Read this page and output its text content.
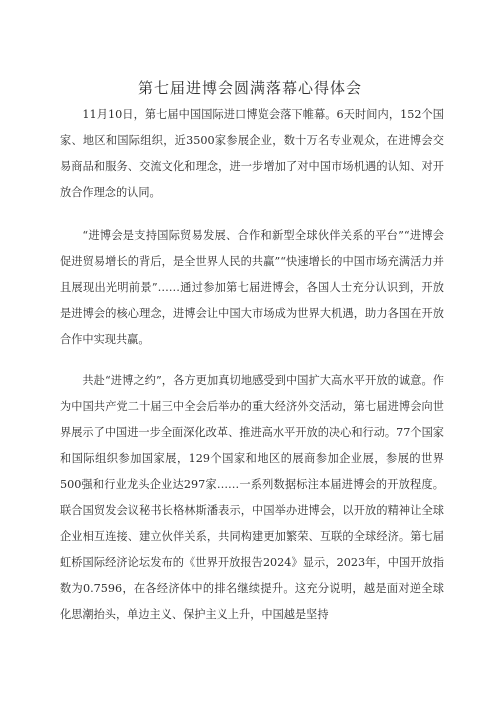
第七届进博会圆满落幕心得体会

11月10日，第七届中国国际进口博览会落下帷幕。6天时间内，152个国家、地区和国际组织，近3500家参展企业，数十万名专业观众，在进博会交易商品和服务、交流文化和理念，进一步增加了对中国市场机遇的认知、对开放合作理念的认同。

“进博会是支持国际贸易发展、合作和新型全球伙伴关系的平台”“进博会促进贸易增长的背后，是全世界人民的共赢”“快速增长的中国市场充满活力并且展现出光明前景”……通过参加第七届进博会，各国人士充分认识到，开放是进博会的核心理念，进博会让中国大市场成为世界大机遇，助力各国在开放合作中实现共赢。

共赴“进博之约”，各方更加真切地感受到中国扩大高水平开放的诚意。作为中国共产党二十届三中全会后举办的重大经济外交活动，第七届进博会向世界展示了中国进一步全面深化改革、推进高水平开放的决心和行动。77个国家和国际组织参加国家展，129个国家和地区的展商参加企业展，参展的世界500强和行业龙头企业达297家……一系列数据标注本届进博会的开放程度。联合国贸发会议秘书长格林斯潘表示，中国举办进博会，以开放的精神让全球企业相互连接、建立伙伴关系，共同构建更加繁荣、互联的全球经济。第七届虹桥国际经济论坛发布的《世界开放报告2024》显示，2023年，中国开放指数为0.7596，在各经济体中的排名继续提升。这充分说明，越是面对逆全球化思潮抬头，单边主义、保护主义上升，中国越是坚持
